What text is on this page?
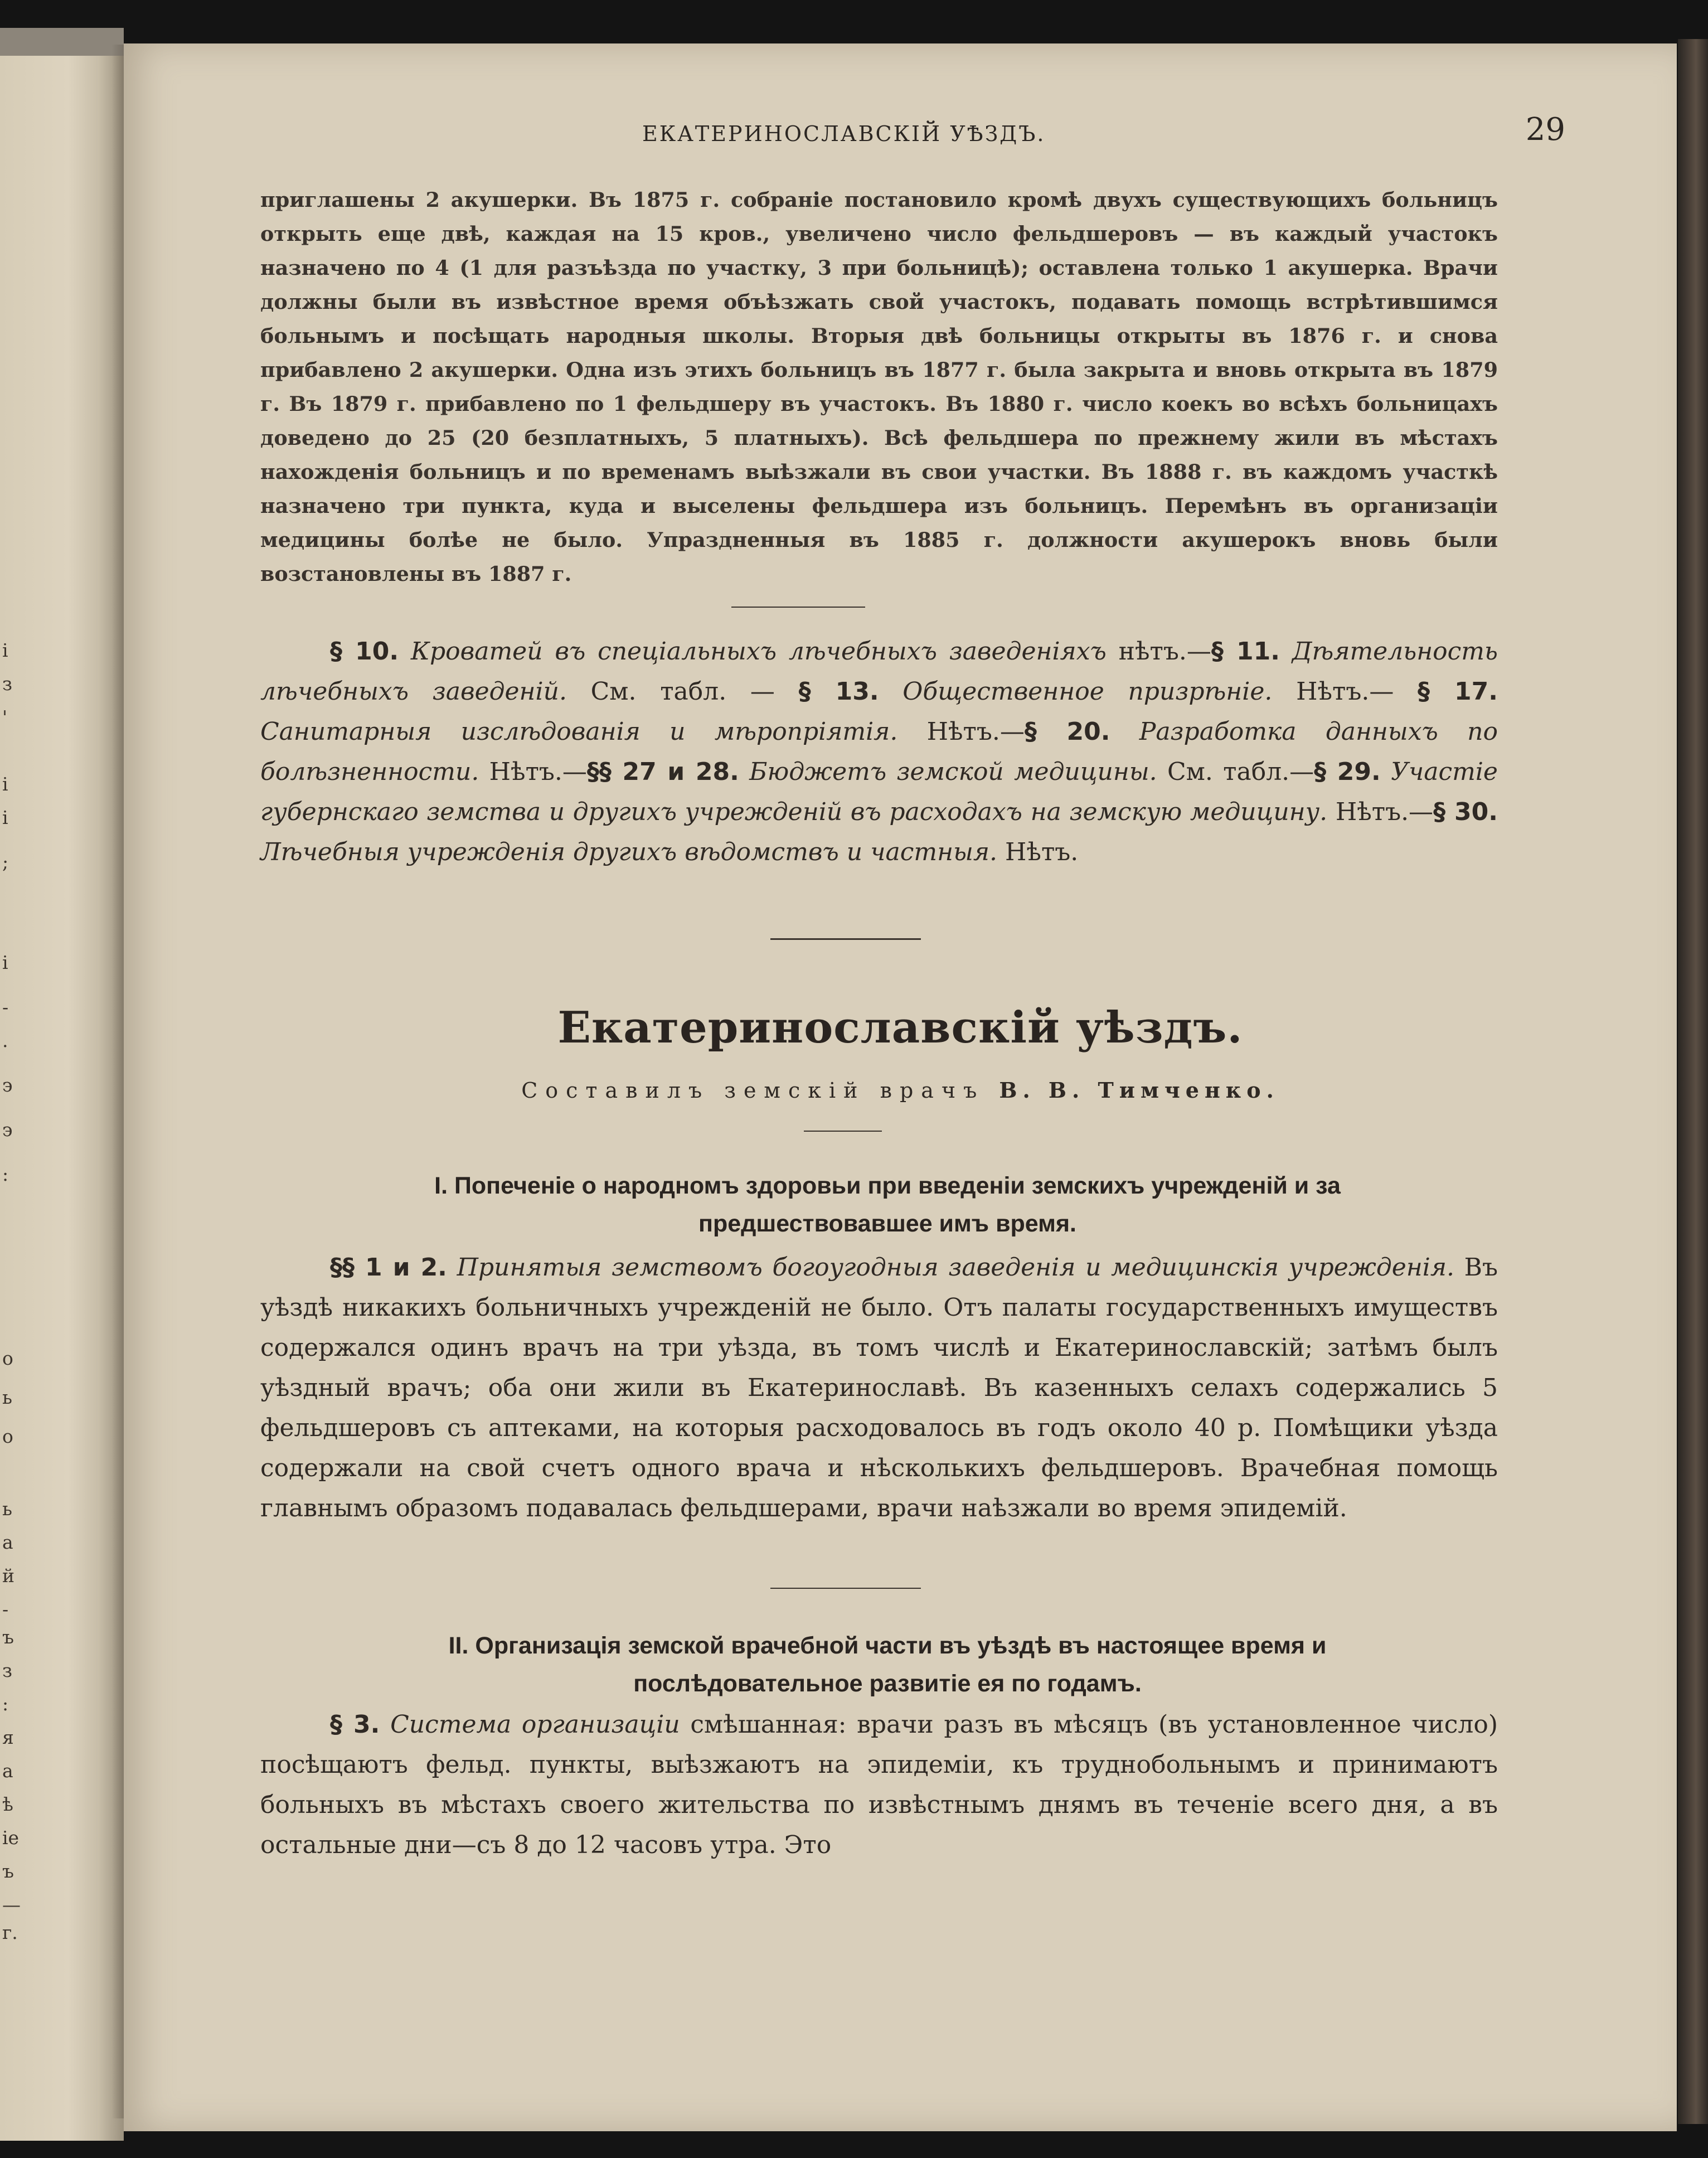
і
з
'
і
і
;
і
-
.
э
э
:
о
ь
о
ь
а
й
-
ъ
з
:
я
а
ѣ
іе
ъ
—
г.
ЕКАТЕРИНОСЛАВСКІЙ УѢЗДЪ.	29

приглашены 2 акушерки. Въ 1875 г. собраніе постановило кромѣ двухъ существующихъ больницъ открыть еще двѣ, каждая на 15 кров., увеличено число фельдшеровъ — въ каждый участокъ назначено по 4 (1 для разъѣзда по участку, 3 при больницѣ); оставлена только 1 акушерка. Врачи должны были въ извѣстное время объѣзжать свой участокъ, подавать помощь встрѣтившимся больнымъ и посѣщать народныя школы. Вторыя двѣ больницы открыты въ 1876 г. и снова прибавлено 2 акушерки. Одна изъ этихъ больницъ въ 1877 г. была закрыта и вновь открыта въ 1879 г. Въ 1879 г. прибавлено по 1 фельдшеру въ участокъ. Въ 1880 г. число коекъ во всѣхъ больницахъ доведено до 25 (20 безплатныхъ, 5 платныхъ). Всѣ фельдшера по прежнему жили въ мѣстахъ нахожденія больницъ и по временамъ выѣзжали въ свои участки. Въ 1888 г. въ каждомъ участкѣ назначено три пункта, куда и выселены фельдшера изъ больницъ. Перемѣнъ въ организаціи медицины болѣе не было. Упраздненныя въ 1885 г. должности акушерокъ вновь были возстановлены въ 1887 г.

§ 10. Кроватей въ спеціальныхъ лѣчебныхъ заведеніяхъ нѣтъ.—§ 11. Дѣятельность лѣчебныхъ заведеній. См. табл. — § 13. Общественное призрѣніе. Нѣтъ.— § 17. Санитарныя изслѣдованія и мѣропріятія. Нѣтъ.—§ 20. Разработка данныхъ по болѣзненности. Нѣтъ.—§§ 27 и 28. Бюджетъ земской медицины. См. табл.—§ 29. Участіе губернскаго земства и другихъ учрежденій въ расходахъ на земскую медицину. Нѣтъ.—§ 30. Лѣчебныя учрежденія другихъ вѣдомствъ и частныя. Нѣтъ.

Екатеринославскій уѣздъ.
Составилъ земскій врачъ В. В. Тимченко.

I. Попеченіе о народномъ здоровьи при введеніи земскихъ учрежденій и за

предшествовавшее имъ время.

§§ 1 и 2. Принятыя земствомъ богоугодныя заведенія и медицинскія учрежденія. Въ уѣздѣ никакихъ больничныхъ учрежденій не было. Отъ палаты государственныхъ имуществъ содержался одинъ врачъ на три уѣзда, въ томъ числѣ и Екатеринославскій; затѣмъ былъ уѣздный врачъ; оба они жили въ Екатеринославѣ. Въ казенныхъ селахъ содержались 5 фельдшеровъ съ аптеками, на которыя расходовалось въ годъ около 40 р. Помѣщики уѣзда содержали на свой счетъ одного врача и нѣсколькихъ фельдшеровъ. Врачебная помощь главнымъ образомъ подавалась фельдшерами, врачи наѣзжали во время эпидемій.

II. Организація земской врачебной части въ уѣздѣ въ настоящее время и

послѣдовательное развитіе ея по годамъ.

§ 3. Система организаціи смѣшанная: врачи разъ въ мѣсяцъ (въ установленное число) посѣщаютъ фельд. пункты, выѣзжаютъ на эпидеміи, къ труднобольнымъ и принимаютъ больныхъ въ мѣстахъ своего жительства по извѣстнымъ днямъ въ теченіе всего дня, а въ остальные дни—съ 8 до 12 часовъ утра. Это
